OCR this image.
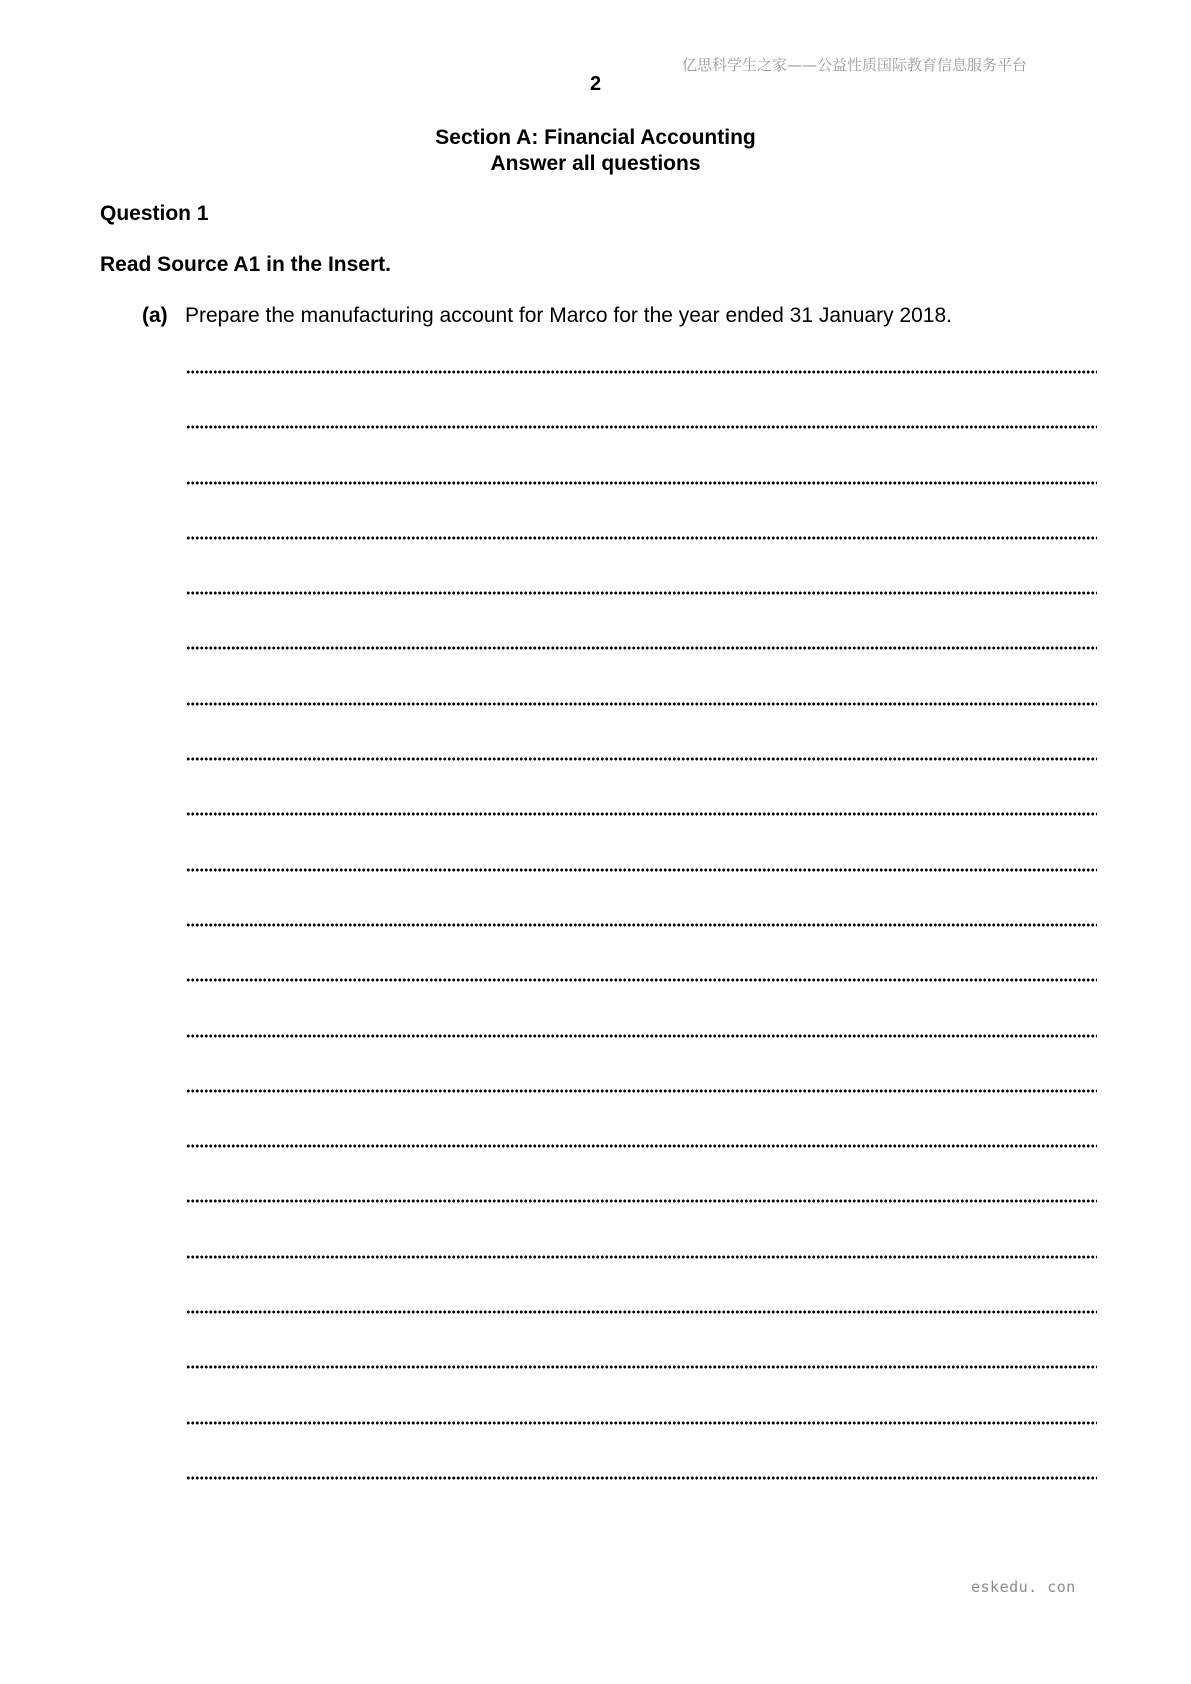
亿思科学生之家——公益性质国际教育信息服务平台
2
Section A: Financial Accounting
Answer all questions
Question 1
Read Source A1 in the Insert.
(a) Prepare the manufacturing account for Marco for the year ended 31 January 2018.
eskedu. con
